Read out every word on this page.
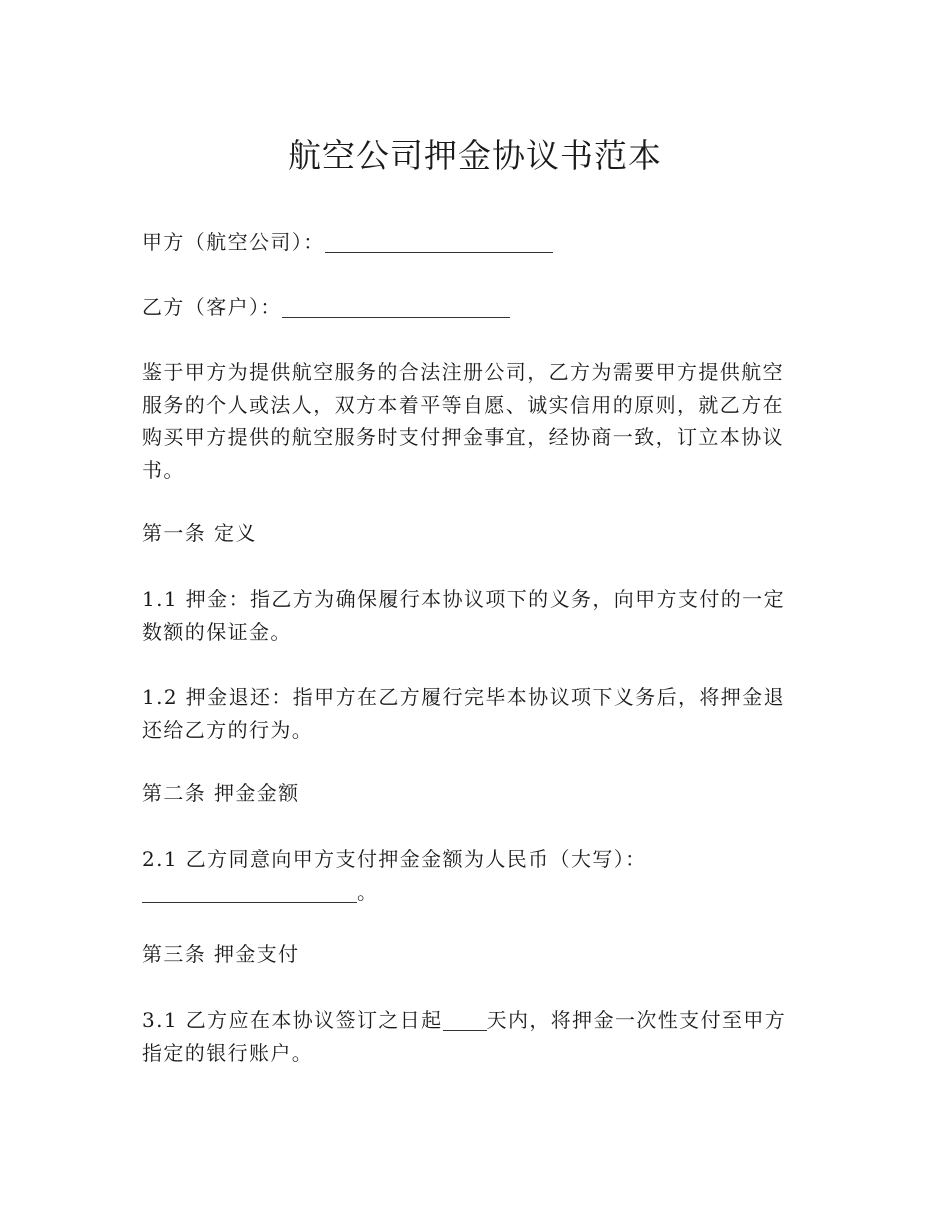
航空公司押金协议书范本

甲方（航空公司）：

乙方（客户）：

鉴于甲方为提供航空服务的合法注册公司，乙方为需要甲方提供航空服务的个人或法人，双方本着平等自愿、诚实信用的原则，就乙方在购买甲方提供的航空服务时支付押金事宜，经协商一致，订立本协议书。

第一条 定义

1.1 押金：指乙方为确保履行本协议项下的义务，向甲方支付的一定数额的保证金。

1.2 押金退还：指甲方在乙方履行完毕本协议项下义务后，将押金退还给乙方的行为。

第二条 押金金额

2.1 乙方同意向甲方支付押金金额为人民币（大写）：
。

第三条 押金支付

3.1 乙方应在本协议签订之日起 天内，将押金一次性支付至甲方指定的银行账户。
